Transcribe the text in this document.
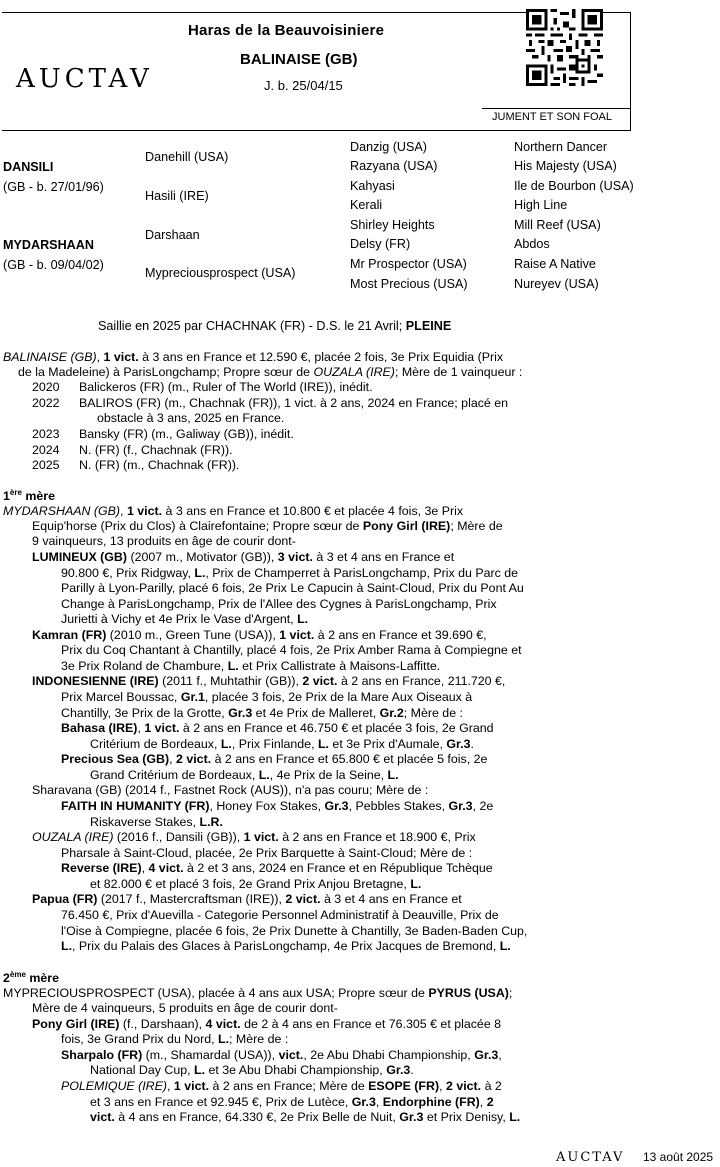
Haras de la Beauvoisiniere
BALINAISE (GB)
J. b. 25/04/15
AUCTAV
JUMENT ET SON FOAL
DANSILI
(GB - b. 27/01/96)
MYDARSHAAN
(GB - b. 09/04/02)
Danehill (USA)
Hasili (IRE)
Darshaan
Mypreciousprospect (USA)
Danzig (USA)
Razyana (USA)
Kahyasi
Kerali
Shirley Heights
Delsy (FR)
Mr Prospector (USA)
Most Precious (USA)
Northern Dancer
His Majesty (USA)
Ile de Bourbon (USA)
High Line
Mill Reef (USA)
Abdos
Raise A Native
Nureyev (USA)
Saillie en 2025 par CHACHNAK (FR) - D.S. le 21 Avril; PLEINE
BALINAISE (GB), 1 vict. à 3 ans en France et 12.590 €, placée 2 fois, 3e Prix Equidia (Prix
de la Madeleine) à ParisLongchamp; Propre sœur de OUZALA (IRE); Mère de 1 vainqueur :
2020 Balickeros (FR) (m., Ruler of The World (IRE)), inédit.
2022 BALIROS (FR) (m., Chachnak (FR)), 1 vict. à 2 ans, 2024 en France; placé en
obstacle à 3 ans, 2025 en France.
2023 Bansky (FR) (m., Galiway (GB)), inédit.
2024 N. (FR) (f., Chachnak (FR)).
2025 N. (FR) (m., Chachnak (FR)).
1ère mère
MYDARSHAAN (GB), 1 vict. à 3 ans en France et 10.800 € et placée 4 fois, 3e Prix
Equip'horse (Prix du Clos) à Clairefontaine; Propre sœur de Pony Girl (IRE); Mère de
9 vainqueurs, 13 produits en âge de courir dont-
LUMINEUX (GB) (2007 m., Motivator (GB)), 3 vict. à 3 et 4 ans en France et
90.800 €, Prix Ridgway, L., Prix de Champerret à ParisLongchamp, Prix du Parc de
Parilly à Lyon-Parilly, placé 6 fois, 2e Prix Le Capucin à Saint-Cloud, Prix du Pont Au
Change à ParisLongchamp, Prix de l'Allee des Cygnes à ParisLongchamp, Prix
Jurietti à Vichy et 4e Prix le Vase d'Argent, L.
Kamran (FR) (2010 m., Green Tune (USA)), 1 vict. à 2 ans en France et 39.690 €,
Prix du Coq Chantant à Chantilly, placé 4 fois, 2e Prix Amber Rama à Compiegne et
3e Prix Roland de Chambure, L. et Prix Callistrate à Maisons-Laffitte.
INDONESIENNE (IRE) (2011 f., Muhtathir (GB)), 2 vict. à 2 ans en France, 211.720 €,
Prix Marcel Boussac, Gr.1, placée 3 fois, 2e Prix de la Mare Aux Oiseaux à
Chantilly, 3e Prix de la Grotte, Gr.3 et 4e Prix de Malleret, Gr.2; Mère de :
Bahasa (IRE), 1 vict. à 2 ans en France et 46.750 € et placée 3 fois, 2e Grand
Critérium de Bordeaux, L., Prix Finlande, L. et 3e Prix d'Aumale, Gr.3.
Precious Sea (GB), 2 vict. à 2 ans en France et 65.800 € et placée 5 fois, 2e
Grand Critérium de Bordeaux, L., 4e Prix de la Seine, L.
Sharavana (GB) (2014 f., Fastnet Rock (AUS)), n'a pas couru; Mère de :
FAITH IN HUMANITY (FR), Honey Fox Stakes, Gr.3, Pebbles Stakes, Gr.3, 2e
Riskaverse Stakes, L.R.
OUZALA (IRE) (2016 f., Dansili (GB)), 1 vict. à 2 ans en France et 18.900 €, Prix
Pharsale à Saint-Cloud, placée, 2e Prix Barquette à Saint-Cloud; Mère de :
Reverse (IRE), 4 vict. à 2 et 3 ans, 2024 en France et en République Tchèque
et 82.000 € et placé 3 fois, 2e Grand Prix Anjou Bretagne, L.
Papua (FR) (2017 f., Mastercraftsman (IRE)), 2 vict. à 3 et 4 ans en France et
76.450 €, Prix d'Auevilla - Categorie Personnel Administratif à Deauville, Prix de
l'Oise à Compiegne, placée 6 fois, 2e Prix Dunette à Chantilly, 3e Baden-Baden Cup,
L., Prix du Palais des Glaces à ParisLongchamp, 4e Prix Jacques de Bremond, L.
2ème mère
MYPRECIOUSPROSPECT (USA), placée à 4 ans aux USA; Propre sœur de PYRUS (USA);
Mère de 4 vainqueurs, 5 produits en âge de courir dont-
Pony Girl (IRE) (f., Darshaan), 4 vict. de 2 à 4 ans en France et 76.305 € et placée 8
fois, 3e Grand Prix du Nord, L.; Mère de :
Sharpalo (FR) (m., Shamardal (USA)), vict., 2e Abu Dhabi Championship, Gr.3,
National Day Cup, L. et 3e Abu Dhabi Championship, Gr.3.
POLEMIQUE (IRE), 1 vict. à 2 ans en France; Mère de ESOPE (FR), 2 vict. à 2
et 3 ans en France et 92.945 €, Prix de Lutèce, Gr.3, Endorphine (FR), 2
vict. à 4 ans en France, 64.330 €, 2e Prix Belle de Nuit, Gr.3 et Prix Denisy, L.
AUCTAV 13 août 2025
